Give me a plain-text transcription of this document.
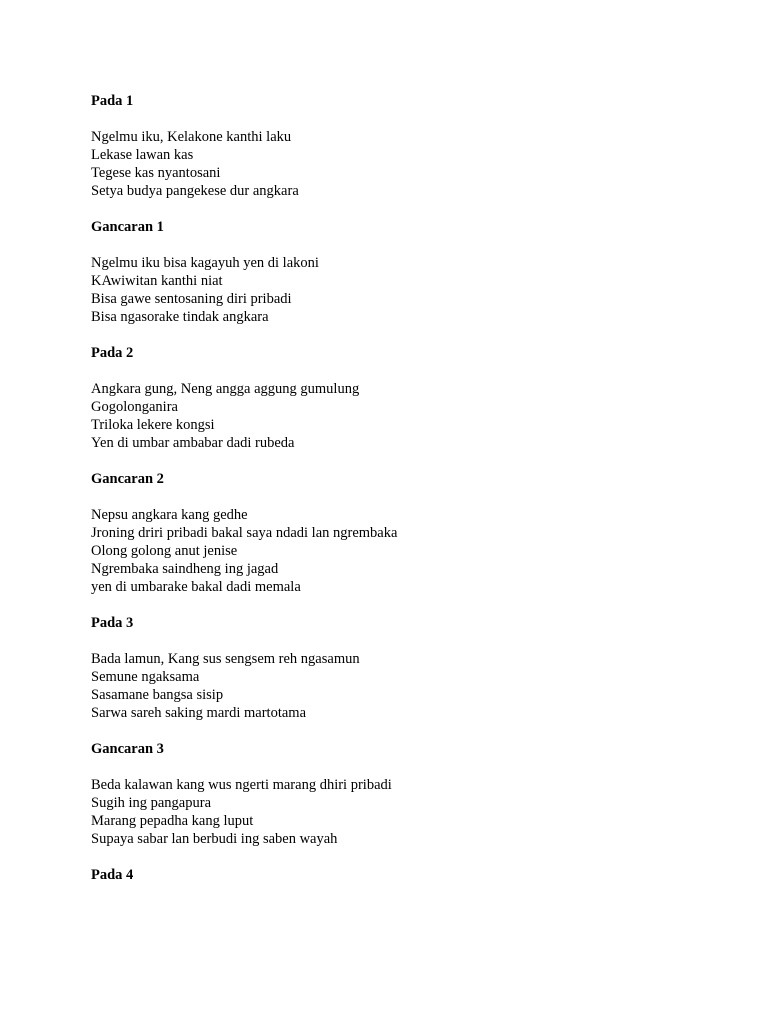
Pada 1

Ngelmu iku, Kelakone kanthi laku

Lekase lawan kas

Tegese kas nyantosani

Setya budya pangekese dur angkara

Gancaran 1

Ngelmu iku bisa kagayuh yen di lakoni

KAwiwitan kanthi niat

Bisa gawe sentosaning diri pribadi

Bisa ngasorake tindak angkara

Pada 2

Angkara gung, Neng angga aggung gumulung

Gogolonganira

Triloka lekere kongsi

Yen di umbar ambabar dadi rubeda

Gancaran 2

Nepsu angkara kang gedhe

Jroning driri pribadi bakal saya ndadi lan ngrembaka

Olong golong anut jenise

Ngrembaka saindheng ing jagad

yen di umbarake bakal dadi memala

Pada 3

Bada lamun, Kang sus sengsem reh ngasamun

Semune ngaksama

Sasamane bangsa sisip

Sarwa sareh saking mardi martotama

Gancaran 3

Beda kalawan kang wus ngerti marang dhiri pribadi

Sugih ing pangapura

Marang pepadha kang luput

Supaya sabar lan berbudi ing saben wayah

Pada 4
